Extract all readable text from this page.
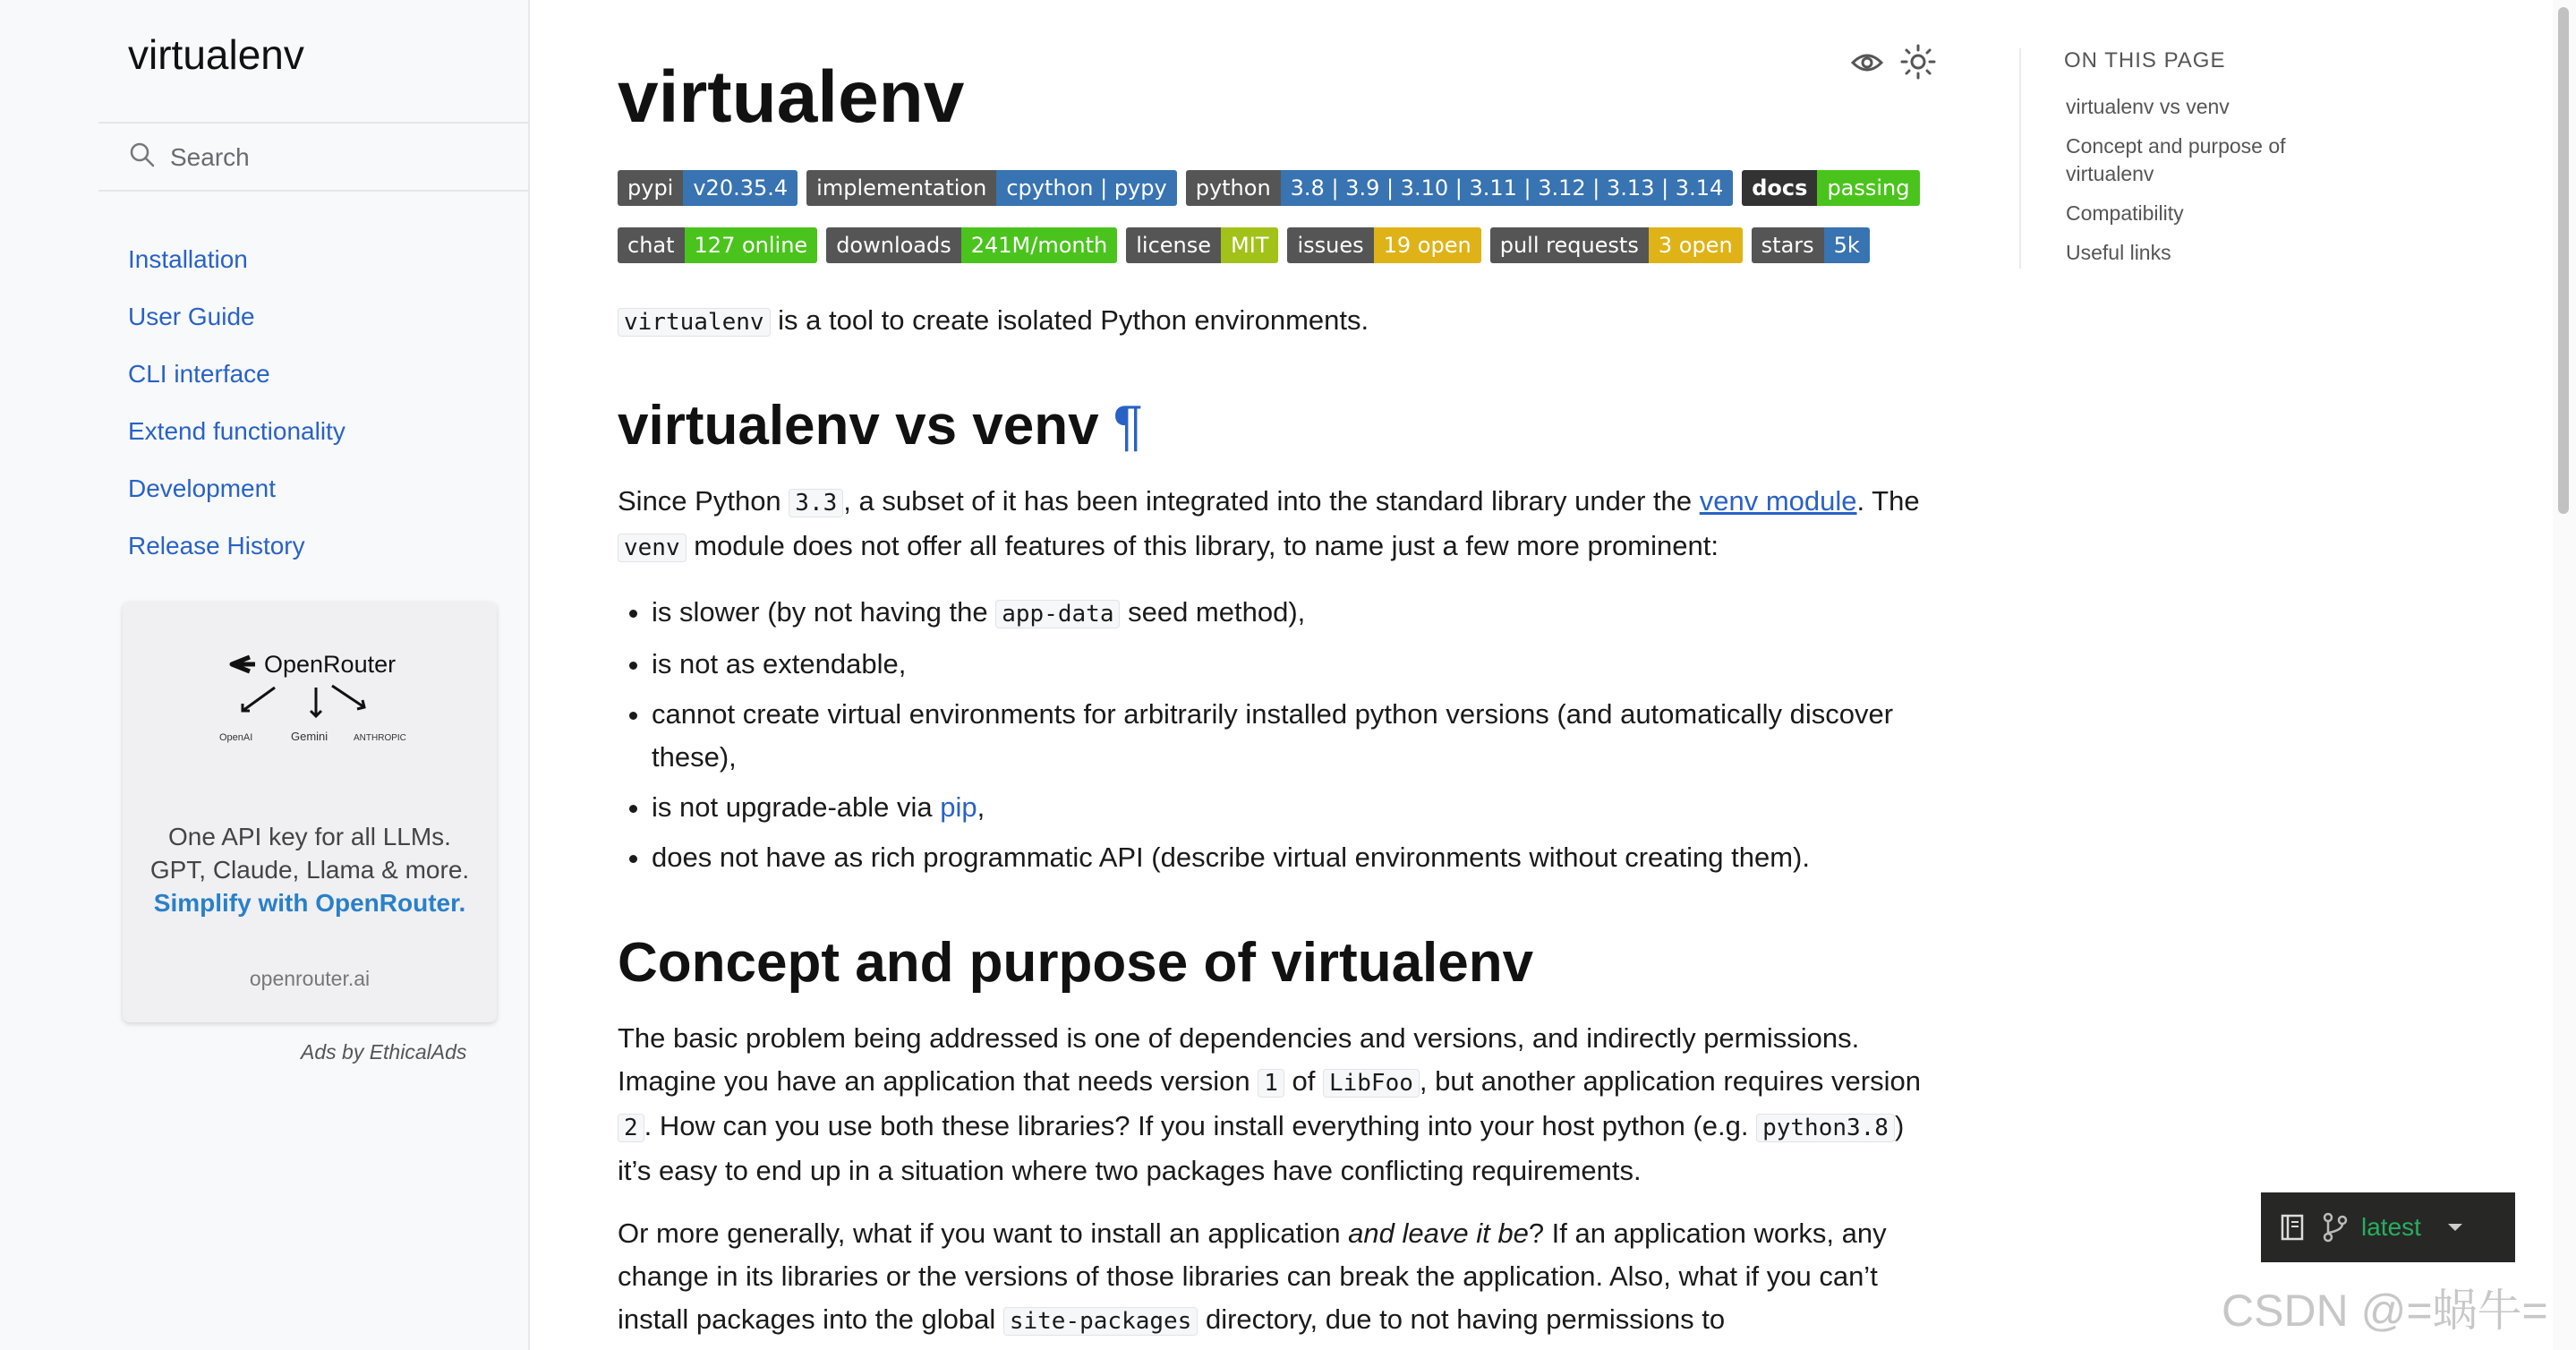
virtualenv
Search
Installation
User Guide
CLI interface
Extend functionality
Development
Release History
OpenRouter
OpenAI	Gemini	ANTHROPIC
One API key for all LLMs. GPT, Claude, Llama & more. Simplify with OpenRouter.
openrouter.ai
Ads by EthicalAds
virtualenv
pypi v20.35.4	implementation cpython | pypy	python 3.8 | 3.9 | 3.10 | 3.11 | 3.12 | 3.13 | 3.14	docs passing
chat 127 online	downloads 241M/month	license MIT	issues 19 open	pull requests 3 open	stars 5k

virtualenv is a tool to create isolated Python environments.

virtualenv vs venv ¶

Since Python 3.3 , a subset of it has been integrated into the standard library under the venv module. The venv module does not offer all features of this library, to name just a few more prominent:

• is slower (by not having the app-data seed method),
• is not as extendable,
• cannot create virtual environments for arbitrarily installed python versions (and automatically discover these),
• is not upgrade-able via pip,
• does not have as rich programmatic API (describe virtual environments without creating them).
Concept and purpose of virtualenv

The basic problem being addressed is one of dependencies and versions, and indirectly permissions. Imagine you have an application that needs version 1 of LibFoo , but another application requires version 2 . How can you use both these libraries? If you install everything into your host python (e.g. python3.8 ) it’s easy to end up in a situation where two packages have conflicting requirements.

Or more generally, what if you want to install an application and leave it be? If an application works, any change in its libraries or the versions of those libraries can break the application. Also, what if you can’t install packages into the global site-packages directory, due to not having permissions to

ON THIS PAGE
virtualenv vs venv
Concept and purpose of virtualenv
Compatibility
Useful links
latest
CSDN @=蜗牛=
